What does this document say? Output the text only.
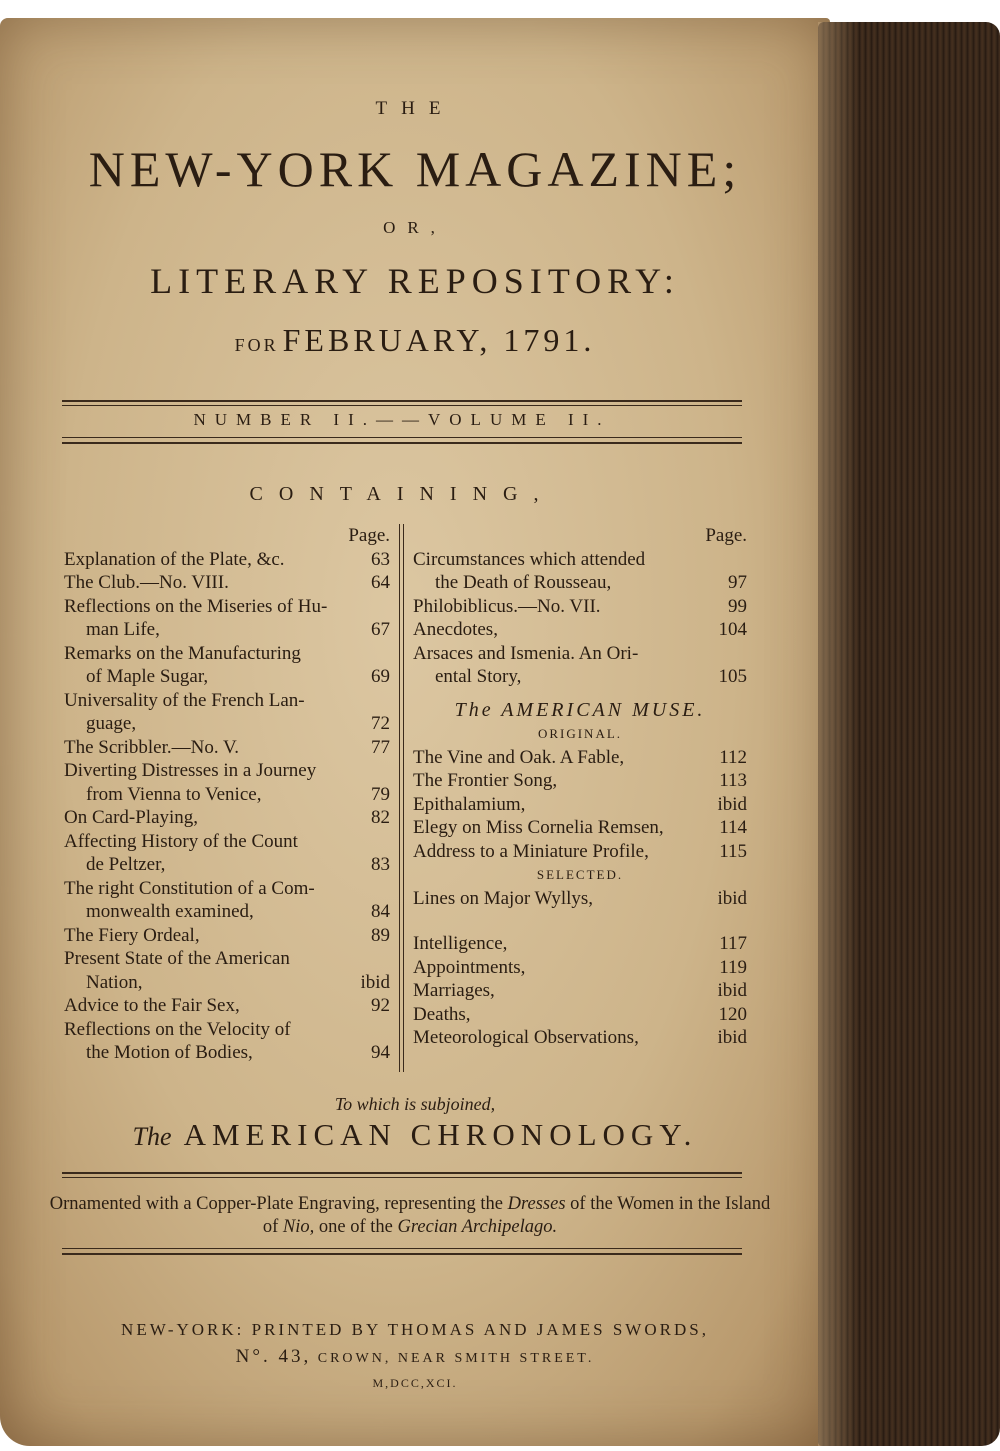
THE
NEW-YORK MAGAZINE;
OR,
LITERARY REPOSITORY:
FOR FEBRUARY, 1791.
NUMBER II.——VOLUME II.
CONTAINING,
Page.
Explanation of the Plate, &c.	63
The Club.—No. VIII.	64
Reflections on the Miseries of Hu-
man Life,	67
Remarks on the Manufacturing
of Maple Sugar,	69
Universality of the French Lan-
guage,	72
The Scribbler.—No. V.	77
Diverting Distresses in a Journey
from Vienna to Venice,	79
On Card-Playing,	82
Affecting History of the Count
de Peltzer,	83
The right Constitution of a Com-
monwealth examined,	84
The Fiery Ordeal,	89
Present State of the American
Nation,	ibid
Advice to the Fair Sex,	92
Reflections on the Velocity of
the Motion of Bodies,	94
Page.
Circumstances which attended
the Death of Rousseau,	97
Philobiblicus.—No. VII.	99
Anecdotes,	104
Arsaces and Ismenia. An Ori-
ental Story,	105
The AMERICAN MUSE.
ORIGINAL.
The Vine and Oak. A Fable,	112
The Frontier Song,	113
Epithalamium,	ibid
Elegy on Miss Cornelia Remsen,	114
Address to a Miniature Profile,	115
SELECTED.
Lines on Major Wyllys,	ibid
Intelligence,	117
Appointments,	119
Marriages,	ibid
Deaths,	120
Meteorological Observations,	ibid
To which is subjoined,
The AMERICAN CHRONOLOGY.
Ornamented with a Copper-Plate Engraving, representing the Dresses of the Women in the Island of Nio, one of the Grecian Archipelago.
NEW-YORK: PRINTED BY THOMAS AND JAMES SWORDS,
N°. 43, CROWN, NEAR SMITH STREET.
M,DCC,XCI.
